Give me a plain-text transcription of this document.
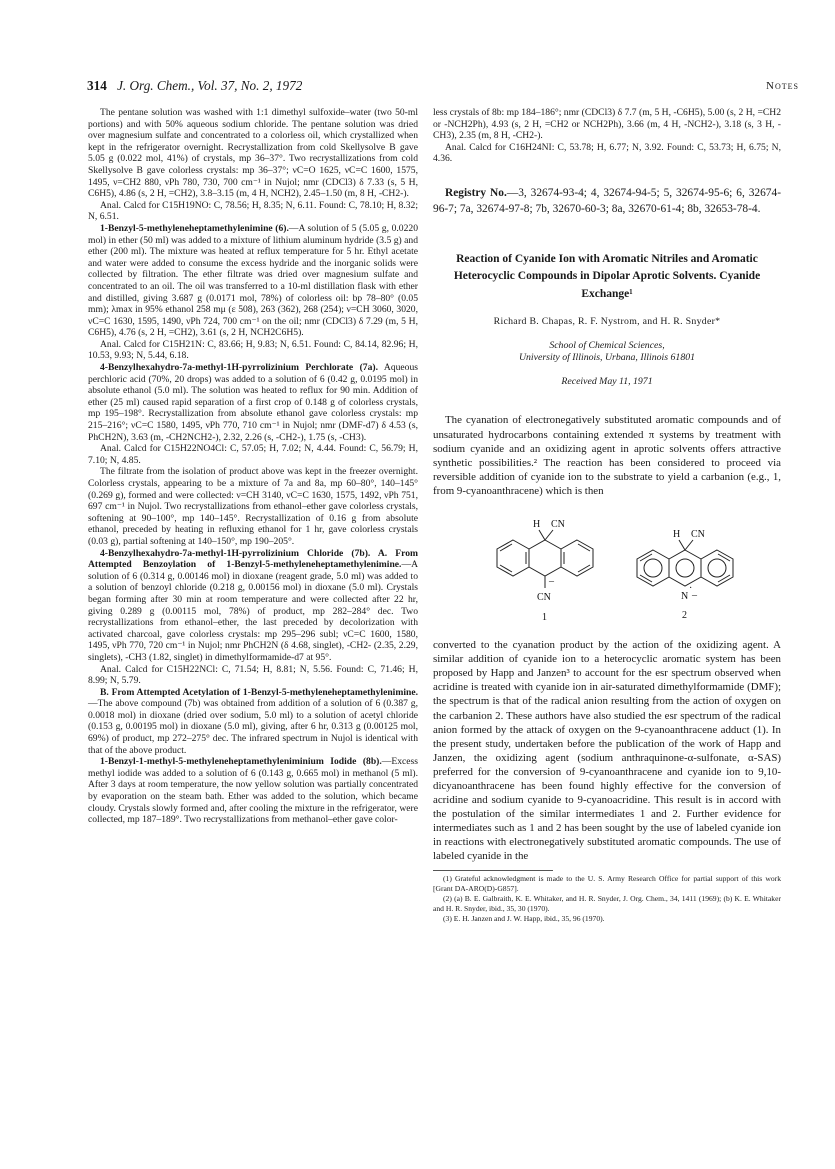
314 J. Org. Chem., Vol. 37, No. 2, 1972	Notes

The pentane solution was washed with 1:1 dimethyl sulfoxide–water (two 50-ml portions) and with 50% aqueous sodium chloride. The pentane solution was dried over magnesium sulfate and concentrated to a colorless oil, which crystallized when kept in the refrigerator overnight. Recrystallization from cold Skellysolve B gave 5.05 g (0.022 mol, 41%) of crystals, mp 36–37°. Two recrystallizations from cold Skellysolve B gave colorless crystals: mp 36–37°; νC=O 1625, νC=C 1600, 1575, 1495, ν=CH2 880, νPh 780, 730, 700 cm⁻¹ in Nujol; nmr (CDCl3) δ 7.33 (s, 5 H, C6H5), 4.86 (s, 2 H, =CH2), 3.8–3.15 (m, 4 H, NCH2), 2.45–1.50 (m, 8 H, -CH2-).

Anal. Calcd for C15H19NO: C, 78.56; H, 8.35; N, 6.11. Found: C, 78.10; H, 8.32; N, 6.51.

1-Benzyl-5-methyleneheptamethylenimine (6).—A solution of 5 (5.05 g, 0.0220 mol) in ether (50 ml) was added to a mixture of lithium aluminum hydride (3.5 g) and ether (200 ml). The mixture was heated at reflux temperature for 5 hr. Ethyl acetate and water were added to consume the excess hydride and the inorganic solids were collected by filtration. The ether filtrate was dried over magnesium sulfate and concentrated to an oil. The oil was transferred to a 10-ml distillation flask with ether and distilled, giving 3.687 g (0.0171 mol, 78%) of colorless oil: bp 78–80° (0.05 mm); λmax in 95% ethanol 258 mμ (ε 508), 263 (362), 268 (254); ν=CH 3060, 3020, νC=C 1630, 1595, 1490, νPh 724, 700 cm⁻¹ on the oil; nmr (CDCl3) δ 7.29 (m, 5 H, C6H5), 4.76 (s, 2 H, =CH2), 3.61 (s, 2 H, NCH2C6H5).

Anal. Calcd for C15H21N: C, 83.66; H, 9.83; N, 6.51. Found: C, 84.14, 82.96; H, 10.53, 9.93; N, 5.44, 6.18.

4-Benzylhexahydro-7a-methyl-1H-pyrrolizinium Perchlorate (7a). Aqueous perchloric acid (70%, 20 drops) was added to a solution of 6 (0.42 g, 0.0195 mol) in absolute ethanol (5.0 ml). The solution was heated to reflux for 90 min. Addition of ether (25 ml) caused rapid separation of a first crop of 0.148 g of colorless crystals, mp 195–198°. Recrystallization from absolute ethanol gave colorless crystals: mp 215–216°; νC=C 1580, 1495, νPh 770, 710 cm⁻¹ in Nujol; nmr (DMF-d7) δ 4.53 (s, PhCH2N), 3.63 (m, -CH2NCH2-), 2.32, 2.26 (s, -CH2-), 1.75 (s, -CH3).

Anal. Calcd for C15H22NO4Cl: C, 57.05; H, 7.02; N, 4.44. Found: C, 56.79; H, 7.10; N, 4.85.

The filtrate from the isolation of product above was kept in the freezer overnight. Colorless crystals, appearing to be a mixture of 7a and 8a, mp 60–80°, 140–145° (0.269 g), formed and were collected: ν=CH 3140, νC=C 1630, 1575, 1492, νPh 751, 697 cm⁻¹ in Nujol. Two recrystallizations from ethanol–ether gave colorless crystals, softening at 90–100°, mp 140–145°. Recrystallization of 0.16 g from absolute ethanol, preceded by heating in refluxing ethanol for 1 hr, gave colorless crystals (0.03 g), partial softening at 140–150°, mp 190–205°.

4-Benzylhexahydro-7a-methyl-1H-pyrrolizinium Chloride (7b). A. From Attempted Benzoylation of 1-Benzyl-5-methyleneheptamethylenimine.—A solution of 6 (0.314 g, 0.00146 mol) in dioxane (reagent grade, 5.0 ml) was added to a solution of benzoyl chloride (0.218 g, 0.00156 mol) in dioxane (5.0 ml). Crystals began forming after 30 min at room temperature and were collected after 22 hr, giving 0.289 g (0.00115 mol, 78%) of product, mp 282–284° dec. Two recrystallizations from ethanol–ether, the last preceded by decolorization with activated charcoal, gave colorless crystals: mp 295–296 subl; νC=C 1600, 1580, 1495, νPh 770, 720 cm⁻¹ in Nujol; nmr PhCH2N (δ 4.68, singlet), -CH2- (2.35, 2.29, singlets), -CH3 (1.82, singlet) in dimethylformamide-d7 at 95°.

Anal. Calcd for C15H22NCl: C, 71.54; H, 8.81; N, 5.56. Found: C, 71.46; H, 8.99; N, 5.79.

B. From Attempted Acetylation of 1-Benzyl-5-methyleneheptamethylenimine.—The above compound (7b) was obtained from addition of a solution of 6 (0.387 g, 0.0018 mol) in dioxane (dried over sodium, 5.0 ml) to a solution of acetyl chloride (0.153 g, 0.00195 mol) in dioxane (5.0 ml), giving, after 6 hr, 0.313 g (0.00125 mol, 69%) of product, mp 272–275° dec. The infrared spectrum in Nujol is identical with that of the above product.

1-Benzyl-1-methyl-5-methyleneheptamethyleniminium Iodide (8b).—Excess methyl iodide was added to a solution of 6 (0.143 g, 0.665 mol) in methanol (5 ml). After 3 days at room temperature, the now yellow solution was partially concentrated by evaporation on the steam bath. Ether was added to the solution, which became cloudy. Crystals slowly formed and, after cooling the mixture in the refrigerator, were collected, mp 187–189°. Two recrystallizations from methanol–ether gave color-

less crystals of 8b: mp 184–186°; nmr (CDCl3) δ 7.7 (m, 5 H, -C6H5), 5.00 (s, 2 H, =CH2 or -NCH2Ph), 4.93 (s, 2 H, =CH2 or NCH2Ph), 3.66 (m, 4 H, -NCH2-), 3.18 (s, 3 H, -CH3), 2.35 (m, 8 H, -CH2-).

Anal. Calcd for C16H24NI: C, 53.78; H, 6.77; N, 3.92. Found: C, 53.73; H, 6.75; N, 4.36.

Registry No.—3, 32674-93-4; 4, 32674-94-5; 5, 32674-95-6; 6, 32674-96-7; 7a, 32674-97-8; 7b, 32670-60-3; 8a, 32670-61-4; 8b, 32653-78-4.

Reaction of Cyanide Ion with Aromatic Nitriles and Aromatic Heterocyclic Compounds in Dipolar Aprotic Solvents. Cyanide Exchange¹
Richard B. Chapas, R. F. Nystrom, and H. R. Snyder*
School of Chemical Sciences,
University of Illinois, Urbana, Illinois 61801
Received May 11, 1971

The cyanation of electronegatively substituted aromatic compounds and of unsaturated hydrocarbons containing extended π systems by treatment with sodium cyanide and an oxidizing agent in aprotic solvents offers attractive synthetic possibilities.² The reaction has been considered to proceed via reversible addition of cyanide ion to the substrate to yield a carbanion (e.g., 1, from 9-cyanoanthracene) which is then

H CN
CN
–
1
H CN
N
·
–
2

converted to the cyanation product by the action of the oxidizing agent. A similar addition of cyanide ion to a heterocyclic aromatic system has been proposed by Happ and Janzen³ to account for the esr spectrum observed when acridine is treated with cyanide ion in air-saturated dimethylformamide (DMF); the spectrum is that of the radical anion resulting from the action of oxygen on the carbanion 2. These authors have also studied the esr spectrum of the radical anion formed by the attack of oxygen on the 9-cyanoanthracene adduct (1). In the present study, undertaken before the publication of the work of Happ and Janzen, the oxidizing agent (sodium anthraquinone-α-sulfonate, α-SAS) preferred for the conversion of 9-cyanoanthracene and cyanide ion to 9,10-dicyanoanthracene has been found highly effective for the conversion of acridine and sodium cyanide to 9-cyanoacridine. This result is in accord with the postulation of the similar intermediates 1 and 2. Further evidence for intermediates such as 1 and 2 has been sought by the use of labeled cyanide ion in reactions with electronegatively substituted aromatic compounds. The use of labeled cyanide in the

(1) Grateful acknowledgment is made to the U. S. Army Research Office for partial support of this work [Grant DA-ARO(D)-G857].

(2) (a) B. E. Galbraith, K. E. Whitaker, and H. R. Snyder, J. Org. Chem., 34, 1411 (1969); (b) K. E. Whitaker and H. R. Snyder, ibid., 35, 30 (1970).

(3) E. H. Janzen and J. W. Happ, ibid., 35, 96 (1970).
